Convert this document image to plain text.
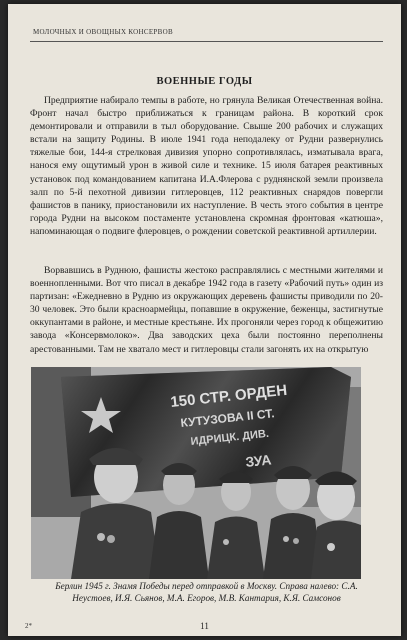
МОЛОЧНЫХ И ОВОЩНЫХ КОНСЕРВОВ
ВОЕННЫЕ ГОДЫ

Предприятие набирало темпы в работе, но грянула Великая Отечественная война. Фронт начал быстро приближаться к границам района. В короткий срок демонтировали и отправили в тыл оборудование. Свыше 200 рабочих и служащих встали на защиту Родины. В июле 1941 года неподалеку от Рудни развернулись тяжелые бои, 144-я стрелковая дивизия упорно сопротивлялась, изматывала врага, нанося ему ощутимый урон в живой силе и технике. 15 июля батарея реактивных установок под командованием капитана И.А.Флерова с руднянской земли произвела залп по 5-й пехотной дивизии гитлеровцев, 112 реактивных снарядов повергли фашистов в панику, приостановили их наступление. В честь этого события в центре города Рудни на высоком постаменте установлена скромная фронтовая «катюша», напоминающая о подвиге флеровцев, о рождении советской реактивной артиллерии.

Ворвавшись в Руднюю, фашисты жестоко расправлялись с местными жителями и военнопленными. Вот что писал в декабре 1942 года в газету «Рабочий путь» один из партизан: «Ежедневно в Рудню из окружающих деревень фашисты приводили по 20-30 человек. Это были красноармейцы, попавшие в окружение, беженцы, застигнутые оккупантами в районе, и местные крестьяне. Их прогоняли через город к общежитию завода «Консервмолоко». Два заводских цеха были постоянно переполнены арестованными. Там не хватало мест и гитлеровцы стали загонять их на открытую

150 СТР. ОРДЕН
КУТУЗОВА II СТ.
ИДРИЦК. ДИВ.
ЗУА
Берлин 1945 г. Знамя Победы перед отправкой в Москву. Справа налево: С.А. Неустоев, И.Я. Сьянов, М.А. Егоров, М.В. Кантария, К.Я. Самсонов
2*	11
